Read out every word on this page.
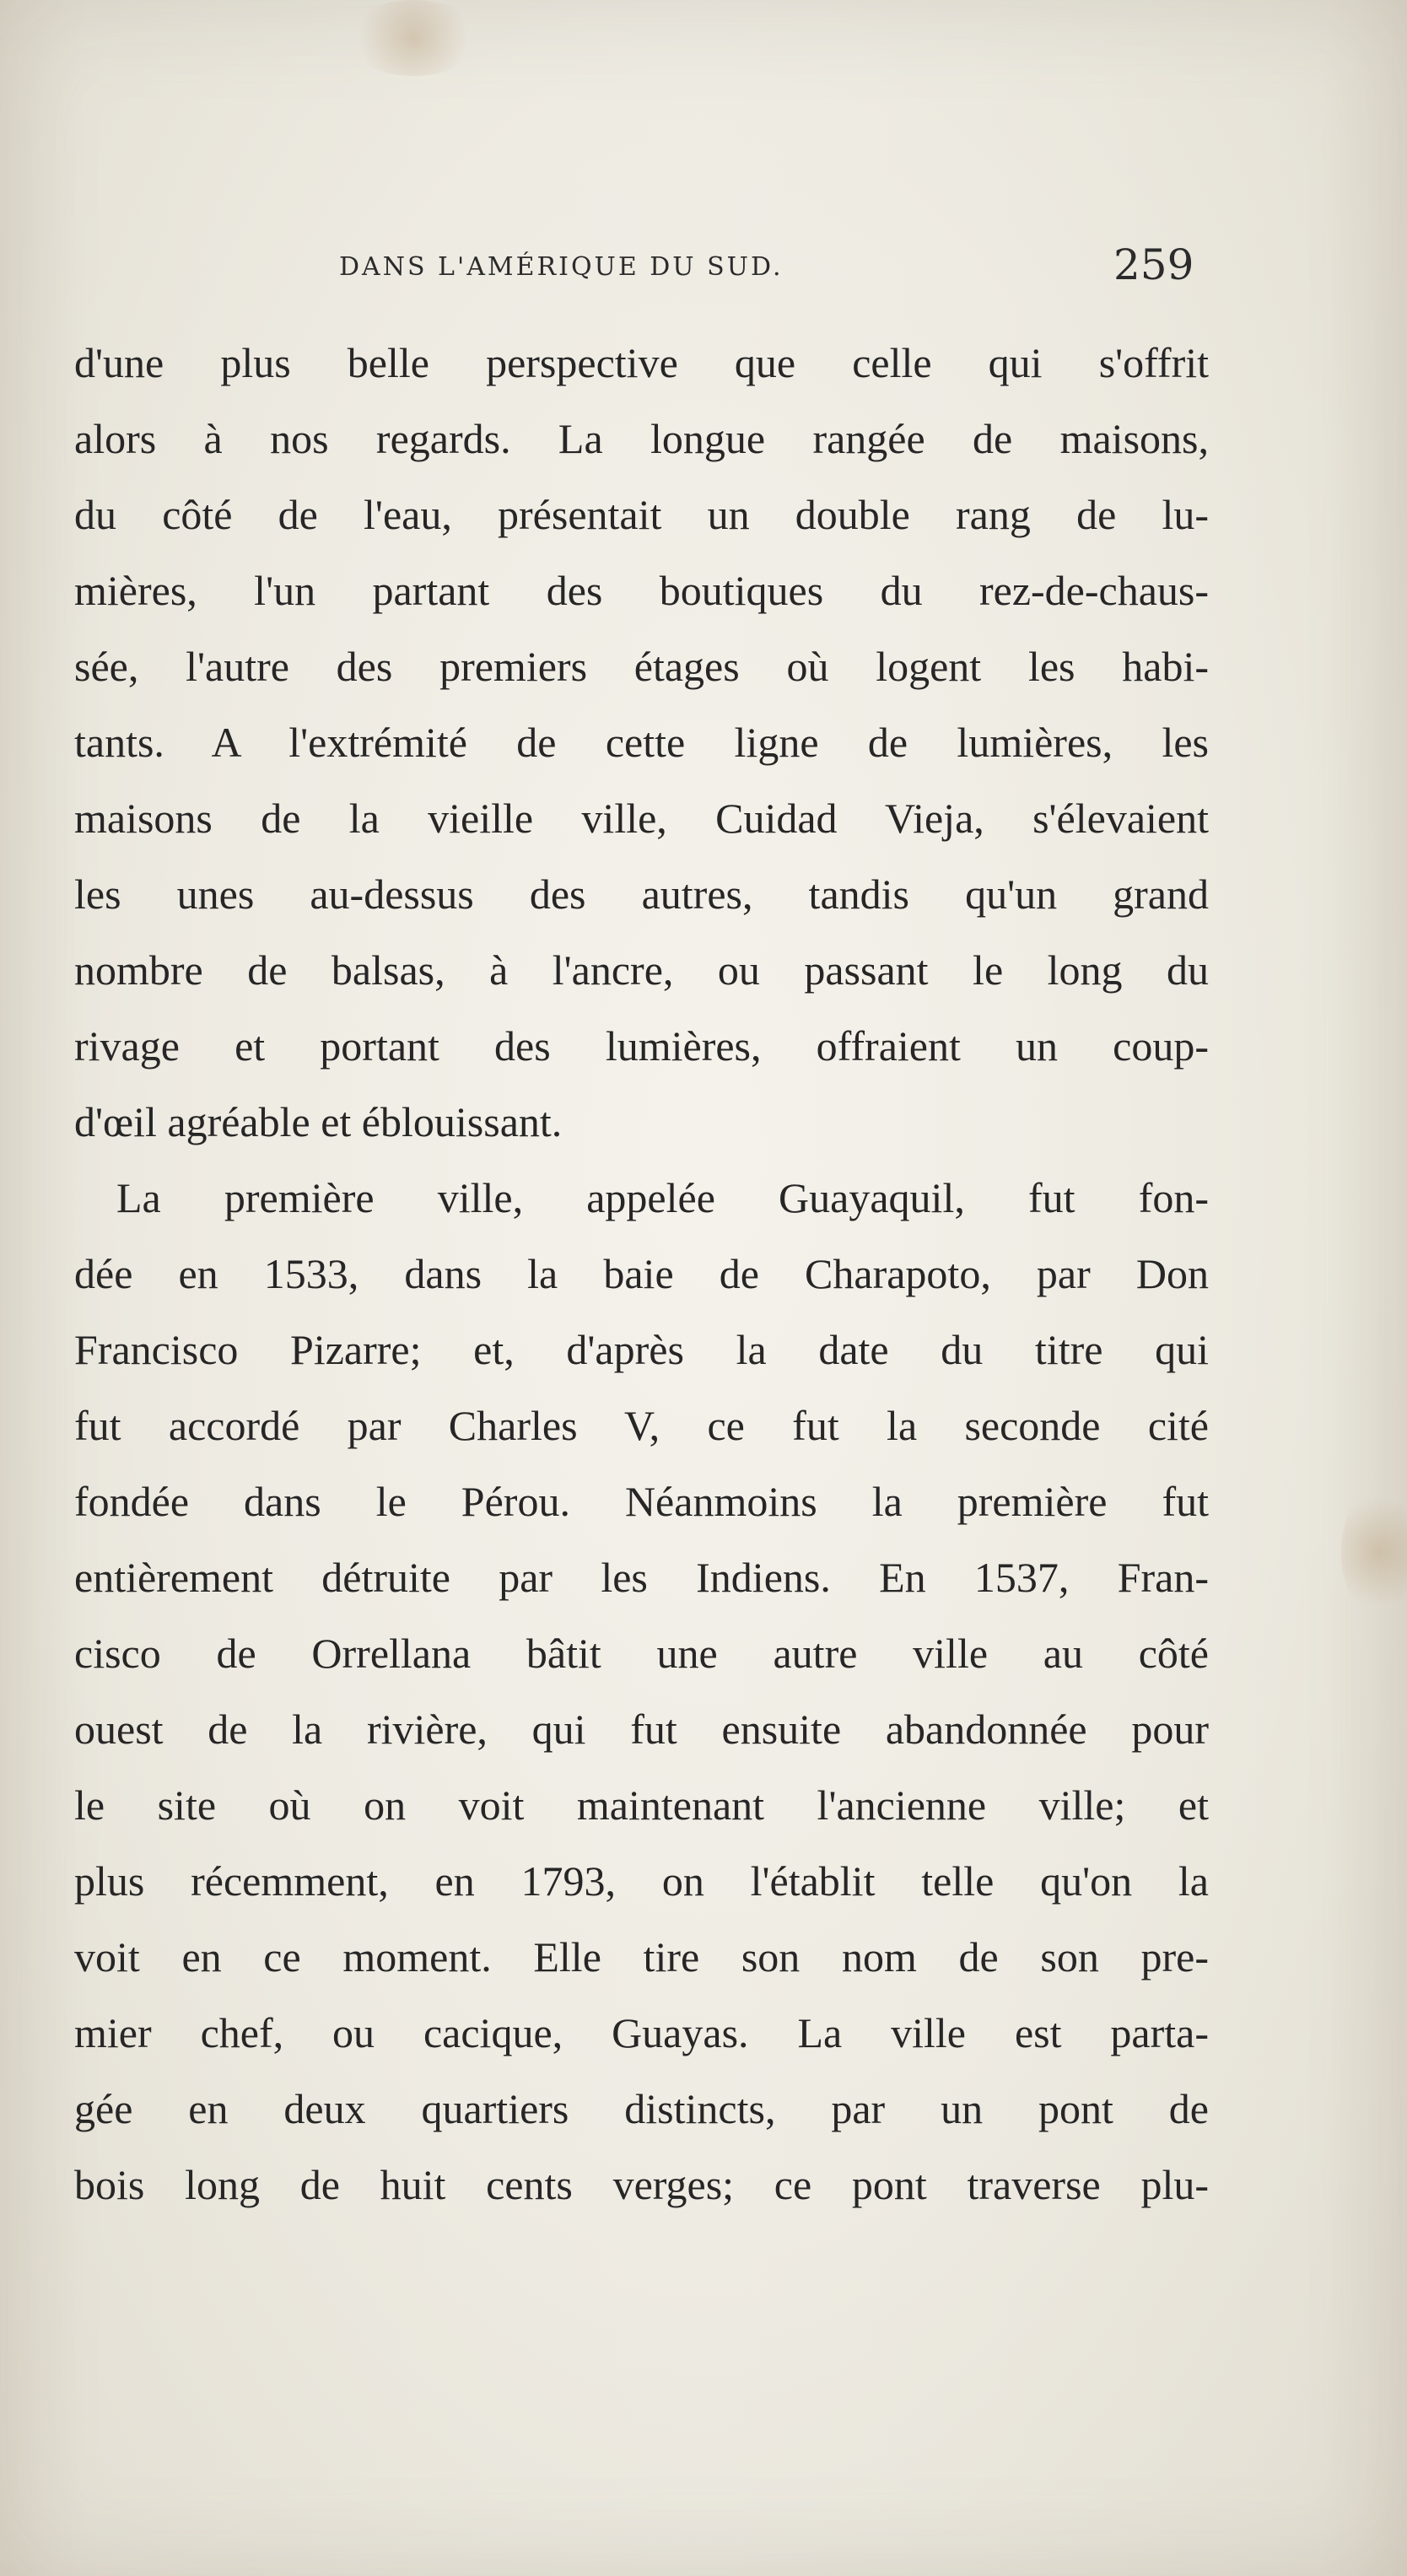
DANS L'AMÉRIQUE DU SUD.	259
d'une plus belle perspective que celle qui s'offrit
alors à nos regards. La longue rangée de maisons,
du côté de l'eau, présentait un double rang de lu-
mières, l'un partant des boutiques du rez-de-chaus-
sée, l'autre des premiers étages où logent les habi-
tants. A l'extrémité de cette ligne de lumières, les
maisons de la vieille ville, Cuidad Vieja, s'élevaient
les unes au-dessus des autres, tandis qu'un grand
nombre de balsas, à l'ancre, ou passant le long du
rivage et portant des lumières, offraient un coup-
d'œil agréable et éblouissant.
La première ville, appelée Guayaquil, fut fon-
dée en 1533, dans la baie de Charapoto, par Don
Francisco Pizarre; et, d'après la date du titre qui
fut accordé par Charles V, ce fut la seconde cité
fondée dans le Pérou. Néanmoins la première fut
entièrement détruite par les Indiens. En 1537, Fran-
cisco de Orrellana bâtit une autre ville au côté
ouest de la rivière, qui fut ensuite abandonnée pour
le site où on voit maintenant l'ancienne ville; et
plus récemment, en 1793, on l'établit telle qu'on la
voit en ce moment. Elle tire son nom de son pre-
mier chef, ou cacique, Guayas. La ville est parta-
gée en deux quartiers distincts, par un pont de
bois long de huit cents verges; ce pont traverse plu-
